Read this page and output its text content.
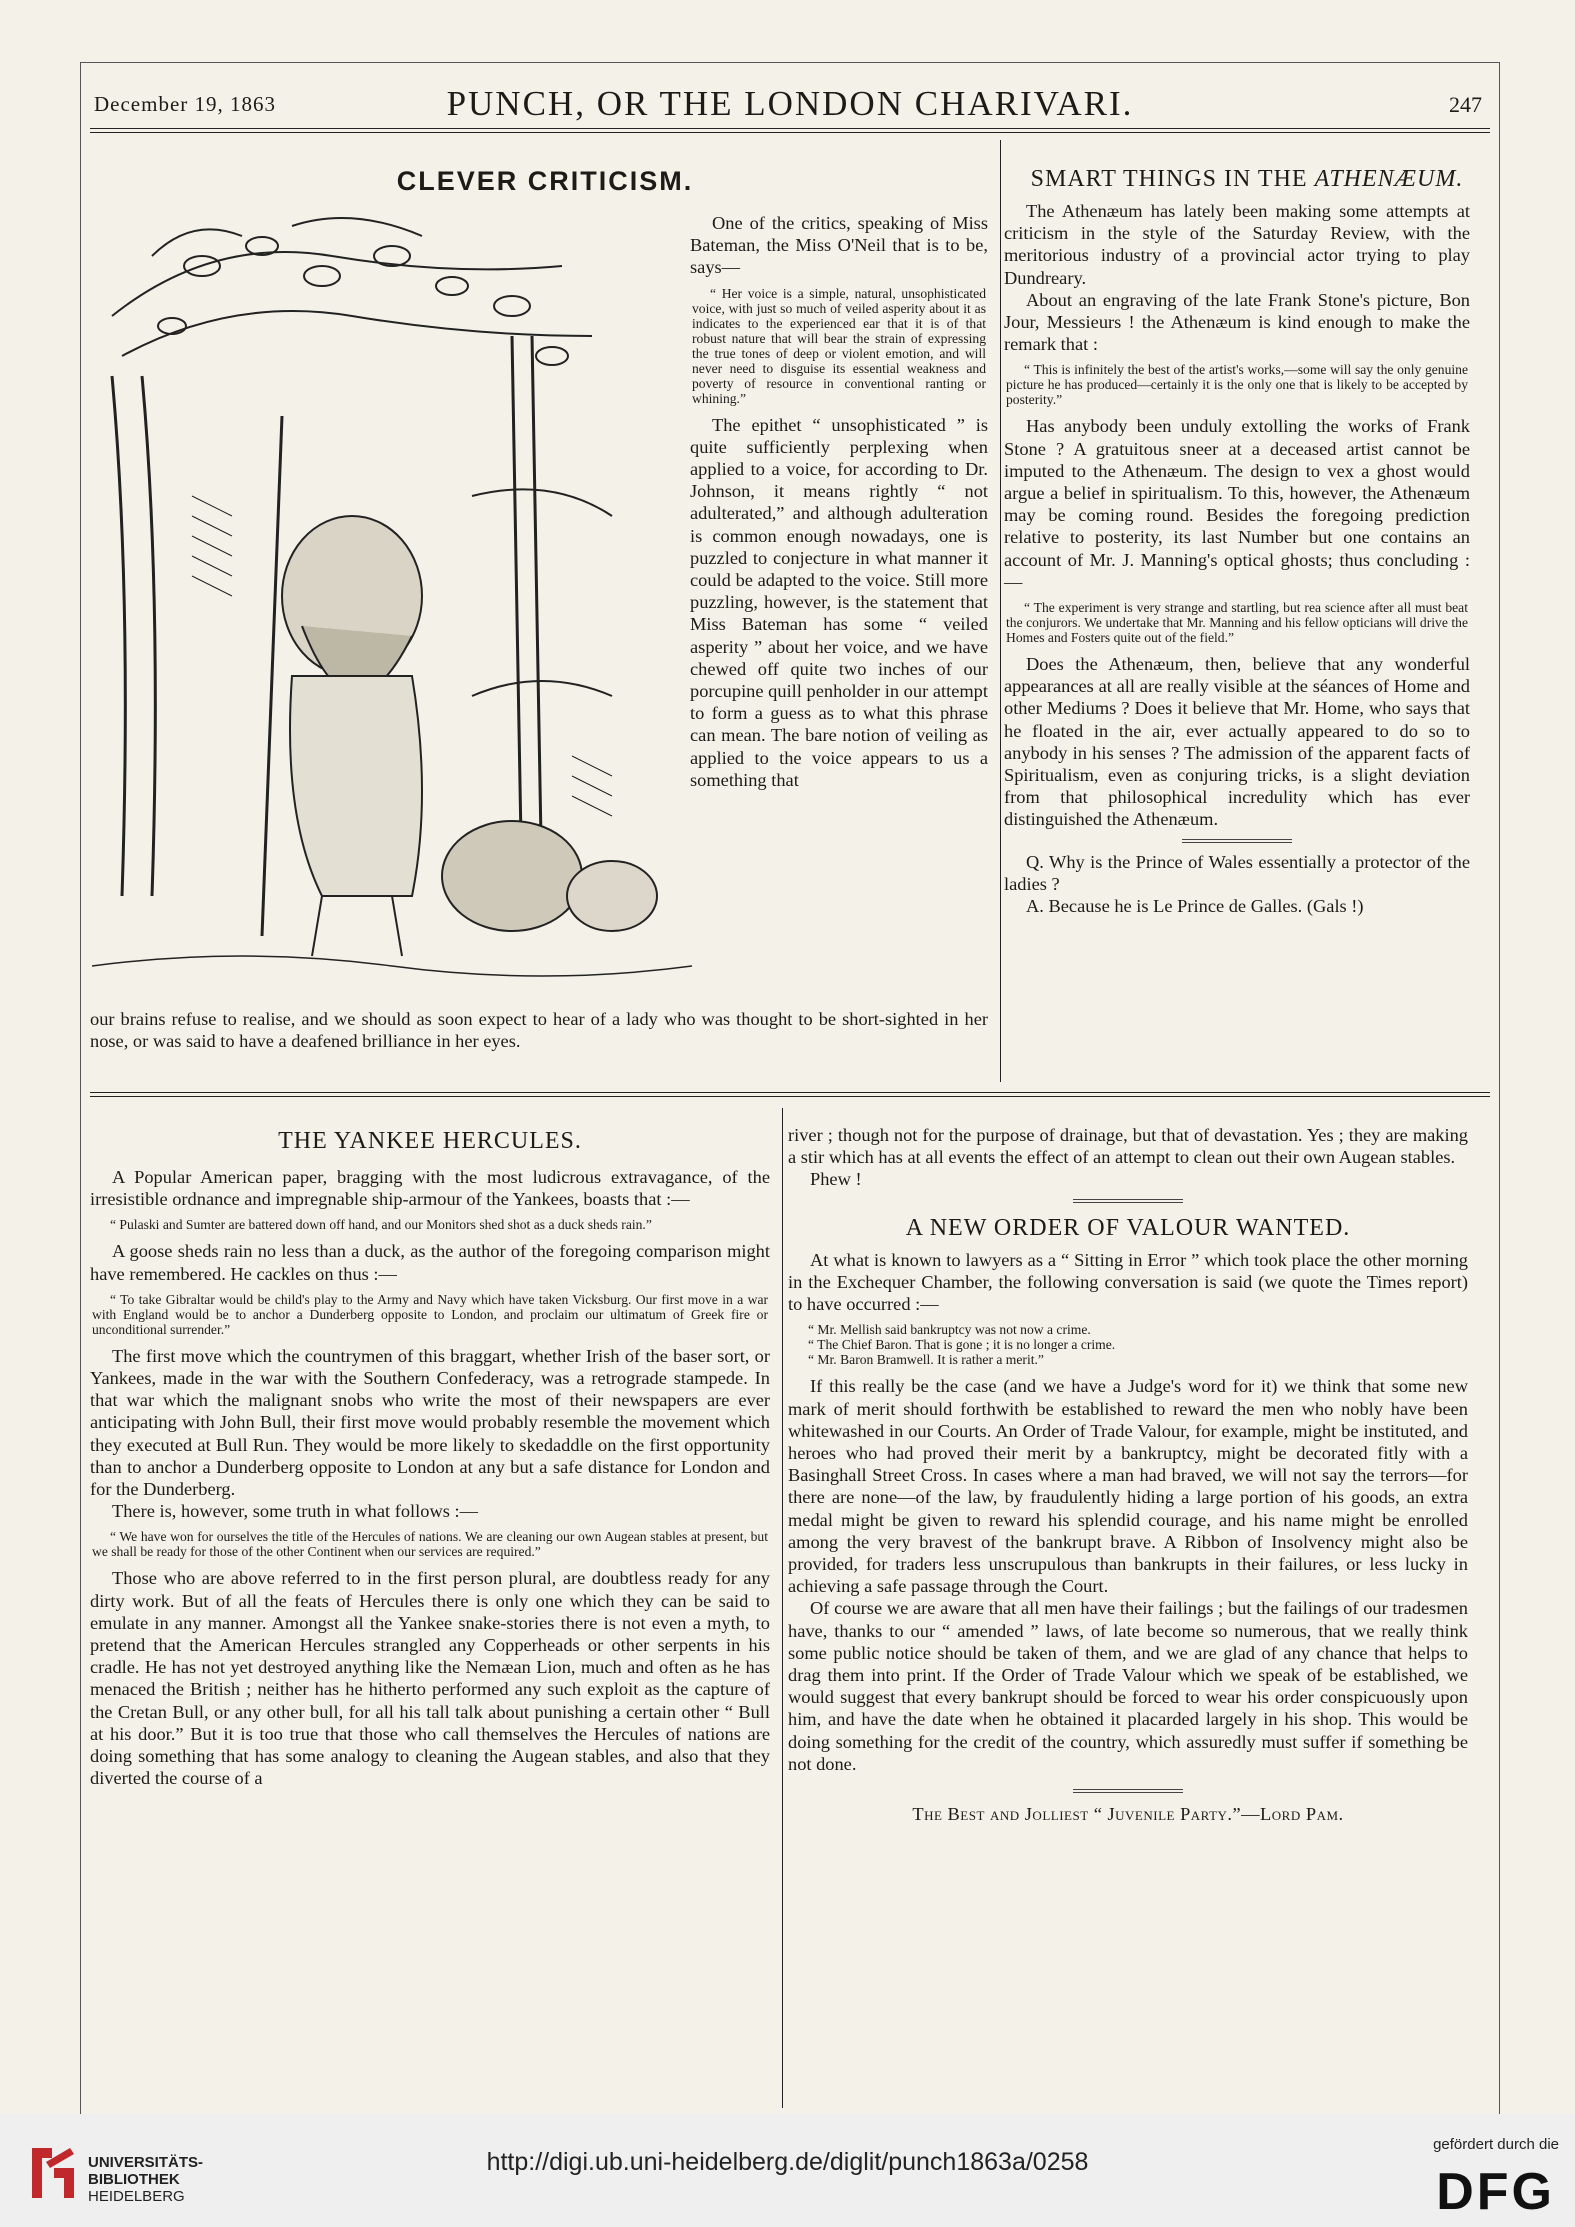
December 19, 1863	PUNCH, OR THE LONDON CHARIVARI.	247
CLEVER CRITICISM.

One of the critics, speaking of Miss Bateman, the Miss O'Neil that is to be, says—

“ Her voice is a simple, natural, unsophisticated voice, with just so much of veiled asperity about it as indicates to the experienced ear that it is of that robust nature that will bear the strain of expressing the true tones of deep or violent emotion, and will never need to disguise its essential weakness and poverty of resource in conventional ranting or whining.”

The epithet “ unsophisticated ” is quite sufficiently perplexing when applied to a voice, for according to Dr. Johnson, it means rightly “ not adulterated,” and although adulteration is common enough nowadays, one is puzzled to conjecture in what manner it could be adapted to the voice. Still more puzzling, however, is the statement that Miss Bateman has some “ veiled asperity ” about her voice, and we have chewed off quite two inches of our porcupine quill penholder in our attempt to form a guess as to what this phrase can mean. The bare notion of veiling as applied to the voice appears to us a something that

our brains refuse to realise, and we should as soon expect to hear of a lady who was thought to be short-sighted in her nose, or was said to have a deafened brilliance in her eyes.

SMART THINGS IN THE ATHENÆUM.

The Athenæum has lately been making some attempts at criticism in the style of the Saturday Review, with the meritorious industry of a provincial actor trying to play Dundreary.

About an engraving of the late Frank Stone's picture, Bon Jour, Messieurs ! the Athenæum is kind enough to make the remark that :

“ This is infinitely the best of the artist's works,—some will say the only genuine picture he has produced—certainly it is the only one that is likely to be accepted by posterity.”

Has anybody been unduly extolling the works of Frank Stone ? A gratuitous sneer at a deceased artist cannot be imputed to the Athenæum. The design to vex a ghost would argue a belief in spiritualism. To this, however, the Athenæum may be coming round. Besides the foregoing prediction relative to posterity, its last Number but one contains an account of Mr. J. Manning's optical ghosts; thus concluding :—

“ The experiment is very strange and startling, but rea science after all must beat the conjurors. We undertake that Mr. Manning and his fellow opticians will drive the Homes and Fosters quite out of the field.”

Does the Athenæum, then, believe that any wonderful appearances at all are really visible at the séances of Home and other Mediums ? Does it believe that Mr. Home, who says that he floated in the air, ever actually appeared to do so to anybody in his senses ? The admission of the apparent facts of Spiritualism, even as conjuring tricks, is a slight deviation from that philosophical incredulity which has ever distinguished the Athenæum.

Q. Why is the Prince of Wales essentially a protector of the ladies ?

A. Because he is Le Prince de Galles. (Gals !)

THE YANKEE HERCULES.

A Popular American paper, bragging with the most ludicrous extravagance, of the irresistible ordnance and impregnable ship-armour of the Yankees, boasts that :—

“ Pulaski and Sumter are battered down off hand, and our Monitors shed shot as a duck sheds rain.”

A goose sheds rain no less than a duck, as the author of the foregoing comparison might have remembered. He cackles on thus :—

“ To take Gibraltar would be child's play to the Army and Navy which have taken Vicksburg. Our first move in a war with England would be to anchor a Dunderberg opposite to London, and proclaim our ultimatum of Greek fire or unconditional surrender.”

The first move which the countrymen of this braggart, whether Irish of the baser sort, or Yankees, made in the war with the Southern Confederacy, was a retrograde stampede. In that war which the malignant snobs who write the most of their newspapers are ever anticipating with John Bull, their first move would probably resemble the movement which they executed at Bull Run. They would be more likely to skedaddle on the first opportunity than to anchor a Dunderberg opposite to London at any but a safe distance for London and for the Dunderberg.

There is, however, some truth in what follows :—

“ We have won for ourselves the title of the Hercules of nations. We are cleaning our own Augean stables at present, but we shall be ready for those of the other Continent when our services are required.”

Those who are above referred to in the first person plural, are doubtless ready for any dirty work. But of all the feats of Hercules there is only one which they can be said to emulate in any manner. Amongst all the Yankee snake-stories there is not even a myth, to pretend that the American Hercules strangled any Copperheads or other serpents in his cradle. He has not yet destroyed anything like the Nemæan Lion, much and often as he has menaced the British ; neither has he hitherto performed any such exploit as the capture of the Cretan Bull, or any other bull, for all his tall talk about punishing a certain other “ Bull at his door.” But it is too true that those who call themselves the Hercules of nations are doing something that has some analogy to cleaning the Augean stables, and also that they diverted the course of a

river ; though not for the purpose of drainage, but that of devastation. Yes ; they are making a stir which has at all events the effect of an attempt to clean out their own Augean stables.

Phew !

A NEW ORDER OF VALOUR WANTED.

At what is known to lawyers as a “ Sitting in Error ” which took place the other morning in the Exchequer Chamber, the following conversation is said (we quote the Times report) to have occurred :—

“ Mr. Mellish said bankruptcy was not now a crime.
“ The Chief Baron. That is gone ; it is no longer a crime.
“ Mr. Baron Bramwell. It is rather a merit.”

If this really be the case (and we have a Judge's word for it) we think that some new mark of merit should forthwith be established to reward the men who nobly have been whitewashed in our Courts. An Order of Trade Valour, for example, might be instituted, and heroes who had proved their merit by a bankruptcy, might be decorated fitly with a Basinghall Street Cross. In cases where a man had braved, we will not say the terrors—for there are none—of the law, by fraudulently hiding a large portion of his goods, an extra medal might be given to reward his splendid courage, and his name might be enrolled among the very bravest of the bankrupt brave. A Ribbon of Insolvency might also be provided, for traders less unscrupulous than bankrupts in their failures, or less lucky in achieving a safe passage through the Court.

Of course we are aware that all men have their failings ; but the failings of our tradesmen have, thanks to our “ amended ” laws, of late become so numerous, that we really think some public notice should be taken of them, and we are glad of any chance that helps to drag them into print. If the Order of Trade Valour which we speak of be established, we would suggest that every bankrupt should be forced to wear his order conspicuously upon him, and have the date when he obtained it placarded largely in his shop. This would be doing something for the credit of the country, which assuredly must suffer if something be not done.

The Best and Jolliest “ Juvenile Party.”—Lord Pam.

UNIVERSITÄTS-
BIBLIOTHEK
HEIDELBERG
http://digi.ub.uni-heidelberg.de/diglit/punch1863a/0258
gefördert durch die
DFG
